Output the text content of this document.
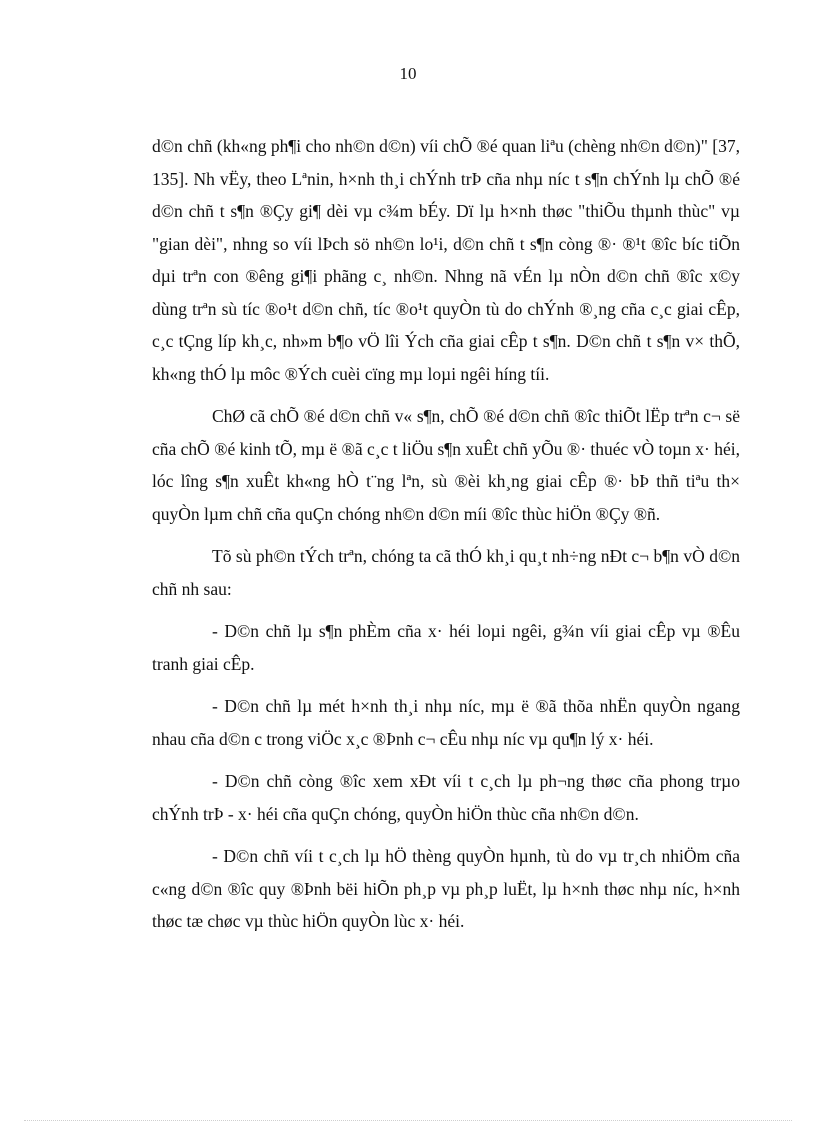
10

d©n chñ (kh«ng ph¶i cho nh©n d©n) víi chÕ ®é quan liªu (chèng nh©n d©n)" [37, 135]. Nh vËy, theo Lªnin, h×nh th¸i chÝnh trÞ cña nhµ níc t s¶n chÝnh lµ chÕ ®é d©n chñ t s¶n ®Çy gi¶ dèi vµ c¾m bÉy. Dï lµ h×nh thøc "thiÕu thµnh thùc" vµ "gian dèi", nhng so víi lÞch sö nh©n lo¹i, d©n chñ t s¶n còng ®· ®¹t ®îc bíc tiÕn dµi trªn con ®êng gi¶i phãng c¸ nh©n. Nhng nã vÉn lµ nÒn d©n chñ ®îc x©y dùng trªn sù tíc ®o¹t d©n chñ, tíc ®o¹t quyÒn tù do chÝnh ®¸ng cña c¸c giai cÊp, c¸c tÇng líp kh¸c, nh»m b¶o vÖ lîi Ých cña giai cÊp t s¶n. D©n chñ t s¶n v× thÕ, kh«ng thÓ lµ môc ®Ých cuèi cïng mµ loµi ngêi híng tíi.

ChØ cã chÕ ®é d©n chñ v« s¶n, chÕ ®é d©n chñ ®îc thiÕt lËp trªn c¬ së cña chÕ ®é kinh tÕ, mµ ë ®ã c¸c t liÖu s¶n xuÊt chñ yÕu ®· thuéc vÒ toµn x· héi, lóc lîng s¶n xuÊt kh«ng hÒ t¨ng lªn, sù ®èi kh¸ng giai cÊp ®· bÞ thñ tiªu th× quyÒn lµm chñ cña quÇn chóng nh©n d©n míi ®îc thùc hiÖn ®Çy ®ñ.

Tõ sù ph©n tÝch trªn, chóng ta cã thÓ kh¸i qu¸t nh÷ng nÐt c¬ b¶n vÒ d©n chñ nh sau:

- D©n chñ lµ s¶n phÈm cña x· héi loµi ngêi, g¾n víi giai cÊp vµ ®Êu tranh giai cÊp.

- D©n chñ lµ mét h×nh th¸i nhµ níc, mµ ë ®ã thõa nhËn quyÒn ngang nhau cña d©n c trong viÖc x¸c ®Þnh c¬ cÊu nhµ níc vµ qu¶n lý x· héi.

- D©n chñ còng ®îc xem xÐt víi t c¸ch lµ ph¬ng thøc cña phong trµo chÝnh trÞ - x· héi cña quÇn chóng, quyÒn hiÖn thùc cña nh©n d©n.

- D©n chñ víi t c¸ch lµ hÖ thèng quyÒn hµnh, tù do vµ tr¸ch nhiÖm cña c«ng d©n ®îc quy ®Þnh bëi hiÕn ph¸p vµ ph¸p luËt, lµ h×nh thøc nhµ níc, h×nh thøc tæ chøc vµ thùc hiÖn quyÒn lùc x· héi.
